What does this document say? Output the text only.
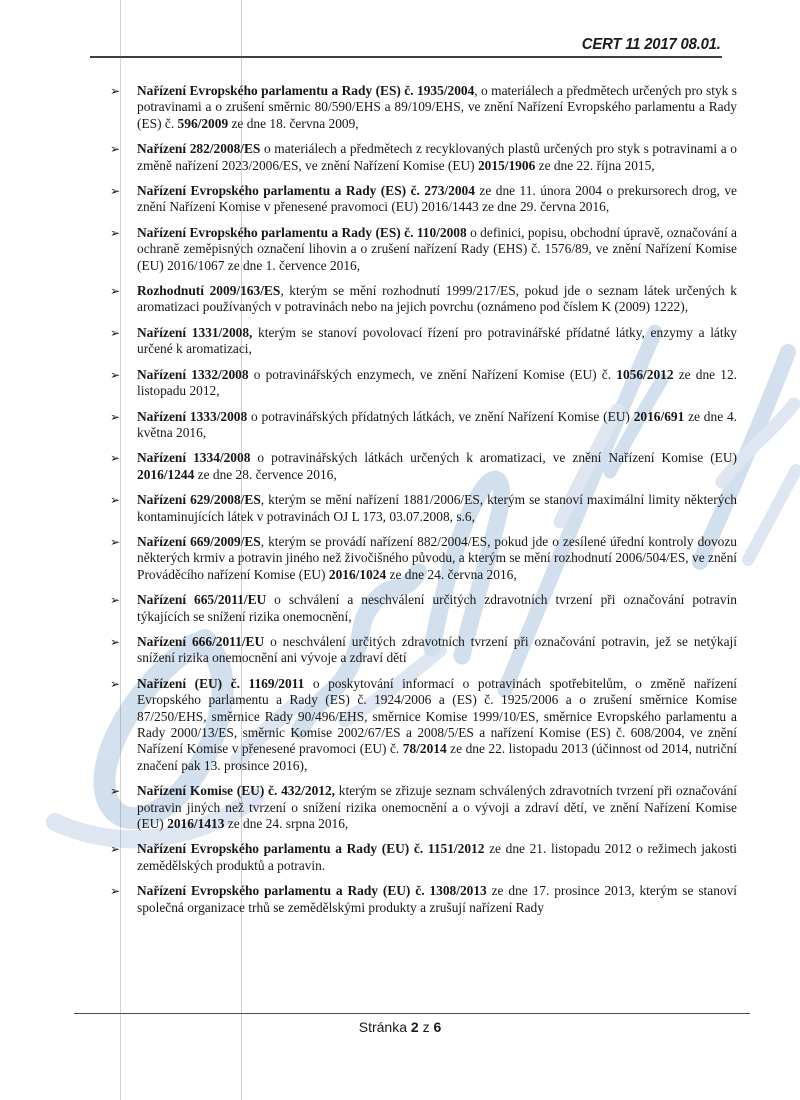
CERT 11 2017 08.01.
➢	Nařízení Evropského parlamentu a Rady (ES) č. 1935/2004, o materiálech a předmětech určených pro styk s potravinami a o zrušení směrnic 80/590/EHS a 89/109/EHS, ve znění Nařízení Evropského parlamentu a Rady (ES) č. 596/2009 ze dne 18. června 2009,
➢	Nařízení 282/2008/ES o materiálech a předmětech z recyklovaných plastů určených pro styk s potravinami a o změně nařízení 2023/2006/ES, ve znění Nařízení Komise (EU) 2015/1906 ze dne 22. října 2015,
➢	Nařízení Evropského parlamentu a Rady (ES) č. 273/2004 ze dne 11. února 2004 o prekursorech drog, ve znění Nařízení Komise v přenesené pravomoci (EU) 2016/1443 ze dne 29. června 2016,
➢	Nařízení Evropského parlamentu a Rady (ES) č. 110/2008 o definici, popisu, obchodní úpravě, označování a ochraně zeměpisných označení lihovin a o zrušení nařízení Rady (EHS) č. 1576/89, ve znění Nařízení Komise (EU) 2016/1067 ze dne 1. července 2016,
➢	Rozhodnutí 2009/163/ES, kterým se mění rozhodnutí 1999/217/ES, pokud jde o seznam látek určených k aromatizaci používaných v potravinách nebo na jejich povrchu (oznámeno pod číslem K (2009) 1222),
➢	Nařízení 1331/2008, kterým se stanoví povolovací řízení pro potravinářské přídatné látky, enzymy a látky určené k aromatizaci,
➢	Nařízení 1332/2008 o potravinářských enzymech, ve znění Nařízení Komise (EU) č. 1056/2012 ze dne 12. listopadu 2012,
➢	Nařízení 1333/2008 o potravinářských přídatných látkách, ve znění Nařízení Komise (EU) 2016/691 ze dne 4. května 2016,
➢	Nařízení 1334/2008 o potravinářských látkách určených k aromatizaci, ve znění Nařízení Komise (EU) 2016/1244 ze dne 28. července 2016,
➢	Nařízení 629/2008/ES, kterým se mění nařízení 1881/2006/ES, kterým se stanoví maximální limity některých kontaminujících látek v potravinách OJ L 173, 03.07.2008, s.6,
➢	Nařízení 669/2009/ES, kterým se provádí nařízení 882/2004/ES, pokud jde o zesílené úřední kontroly dovozu některých krmiv a potravin jiného než živočišného původu, a kterým se mění rozhodnutí 2006/504/ES, ve znění Prováděcího nařízení Komise (EU) 2016/1024 ze dne 24. června 2016,
➢	Nařízení 665/2011/EU o schválení a neschválení určitých zdravotních tvrzení při označování potravin týkajících se snížení rizika onemocnění,
➢	Nařízení 666/2011/EU o neschválení určitých zdravotních tvrzení při označování potravin, jež se netýkají snížení rizika onemocnění ani vývoje a zdraví dětí
➢	Nařízení (EU) č. 1169/2011 o poskytování informací o potravinách spotřebitelům, o změně nařízení Evropského parlamentu a Rady (ES) č. 1924/2006 a (ES) č. 1925/2006 a o zrušení směrnice Komise 87/250/EHS, směrnice Rady 90/496/EHS, směrnice Komise 1999/10/ES, směrnice Evropského parlamentu a Rady 2000/13/ES, směrnic Komise 2002/67/ES a 2008/5/ES a nařízení Komise (ES) č. 608/2004, ve znění Nařízení Komise v přenesené pravomoci (EU) č. 78/2014 ze dne 22. listopadu 2013 (účinnost od 2014, nutriční značení pak 13. prosince 2016),
➢	Nařízení Komise (EU) č. 432/2012, kterým se zřizuje seznam schválených zdravotních tvrzení při označování potravin jiných než tvrzení o snížení rizika onemocnění a o vývoji a zdraví dětí, ve znění Nařízení Komise (EU) 2016/1413 ze dne 24. srpna 2016,
➢	Nařízení Evropského parlamentu a Rady (EU) č. 1151/2012 ze dne 21. listopadu 2012 o režimech jakosti zemědělských produktů a potravin.
➢	Nařízení Evropského parlamentu a Rady (EU) č. 1308/2013 ze dne 17. prosince 2013, kterým se stanoví společná organizace trhů se zemědělskými produkty a zrušují nařízení Rady
Stránka 2 z 6
